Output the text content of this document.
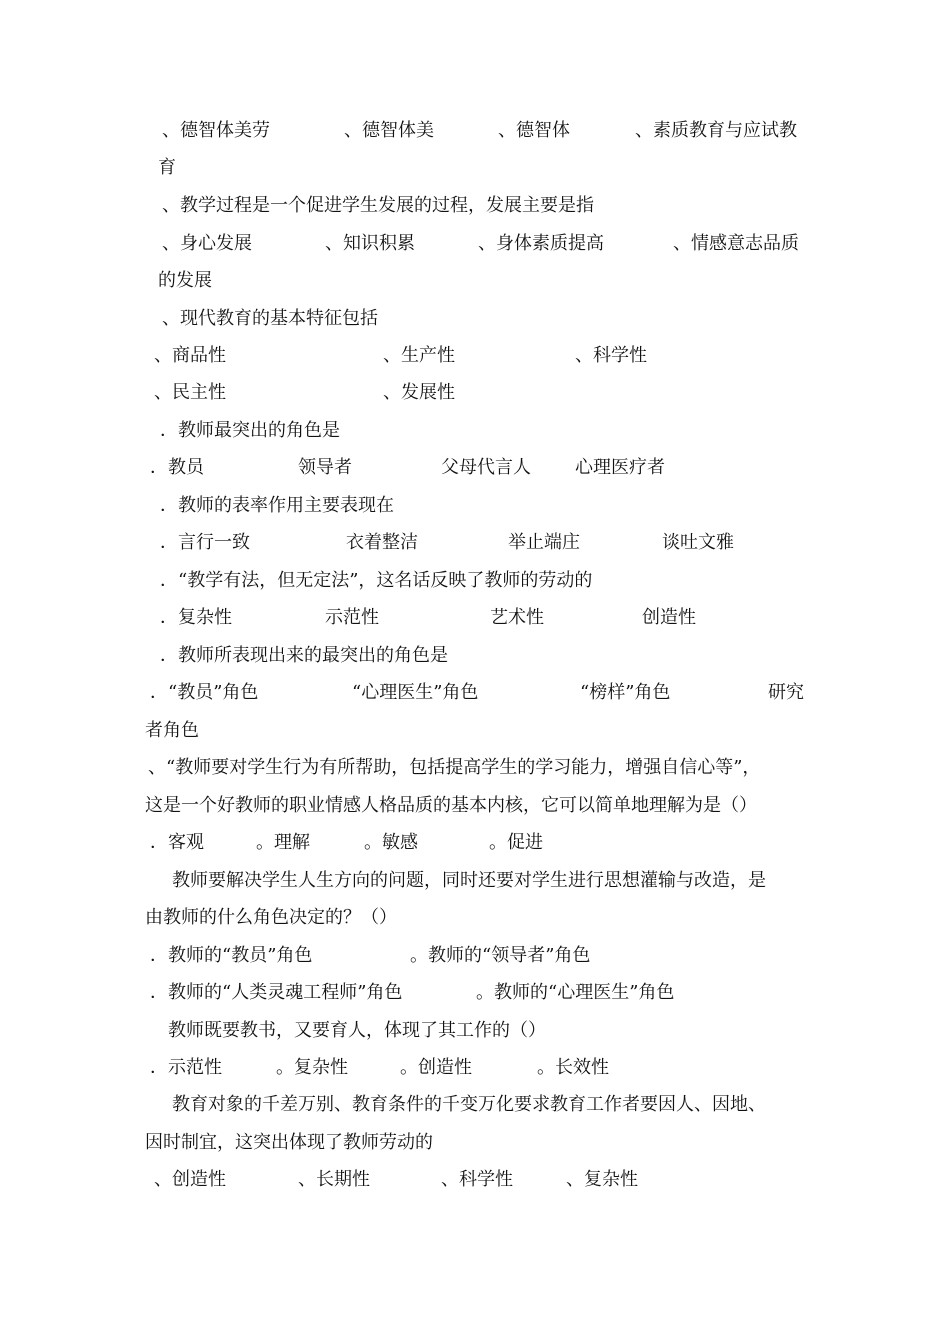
、德智体美劳	、德智体美	、德智体	、素质教育与应试教
育
、教学过程是一个促进学生发展的过程，发展主要是指
、身心发展	、知识积累	、身体素质提高	、情感意志品质
的发展
、现代教育的基本特征包括
、商品性	、生产性	、科学性
、民主性	、发展性
．教师最突出的角色是
．教员	领导者	父母代言人 心理医疗者
．教师的表率作用主要表现在
．言行一致	衣着整洁	举止端庄	谈吐文雅
．“教学有法，但无定法”，这名话反映了教师的劳动的
．复杂性	示范性	艺术性	创造性
．教师所表现出来的最突出的角色是
．“教员”角色	“心理医生”角色	“榜样”角色	研究
者角色
、“教师要对学生行为有所帮助，包括提高学生的学习能力，增强自信心等”，
这是一个好教师的职业情感人格品质的基本内核，它可以简单地理解为是（）
．客观	。理解	。敏感	。促进
教师要解决学生人生方向的问题，同时还要对学生进行思想灌输与改造，是
由教师的什么角色决定的？（）
．教师的“教员”角色	。教师的“领导者”角色
．教师的“人类灵魂工程师”角色	。教师的“心理医生”角色
教师既要教书，又要育人，体现了其工作的（）
．示范性	。复杂性	。创造性	。长效性
教育对象的千差万别、教育条件的千变万化要求教育工作者要因人、因地、
因时制宜，这突出体现了教师劳动的
、创造性	、长期性	、科学性	、复杂性
